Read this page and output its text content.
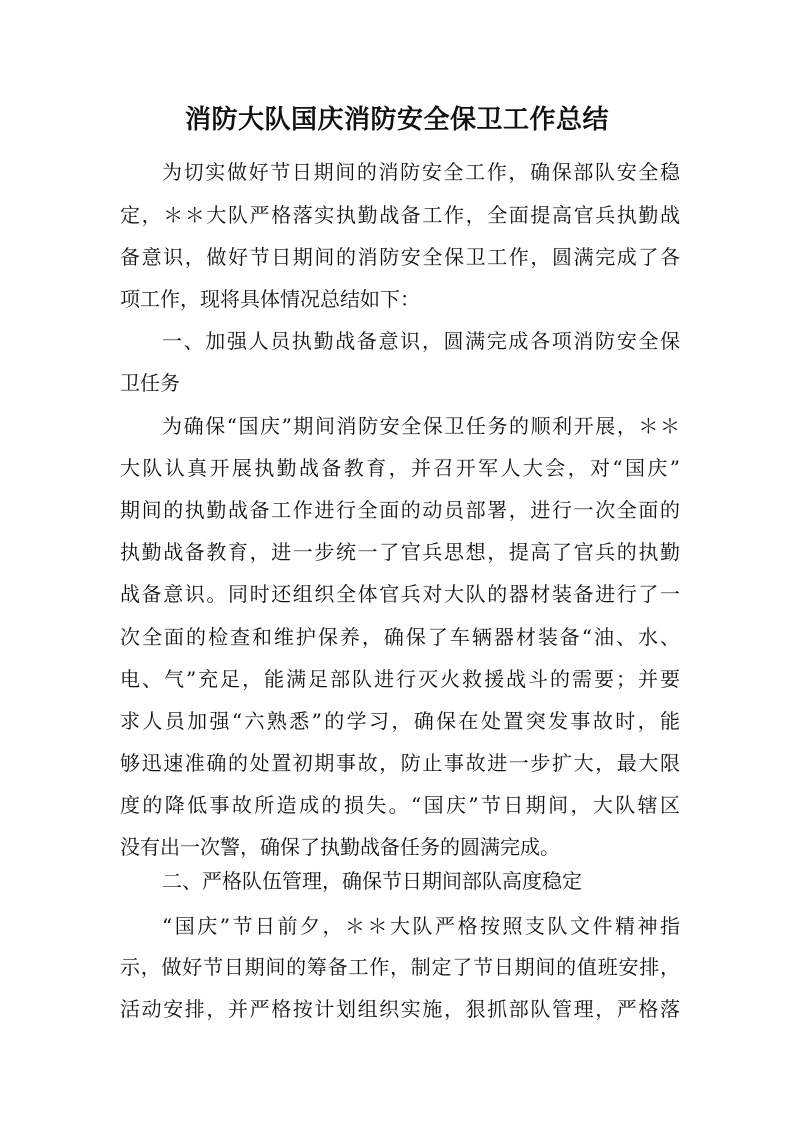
消防大队国庆消防安全保卫工作总结

为切实做好节日期间的消防安全工作，确保部队安全稳

定，＊＊大队严格落实执勤战备工作，全面提高官兵执勤战

备意识，做好节日期间的消防安全保卫工作，圆满完成了各

项工作，现将具体情况总结如下：

一、加强人员执勤战备意识，圆满完成各项消防安全保

卫任务

为确保“国庆”期间消防安全保卫任务的顺利开展，＊＊

大队认真开展执勤战备教育，并召开军人大会，对“国庆”

期间的执勤战备工作进行全面的动员部署，进行一次全面的

执勤战备教育，进一步统一了官兵思想，提高了官兵的执勤

战备意识。同时还组织全体官兵对大队的器材装备进行了一

次全面的检查和维护保养，确保了车辆器材装备“油、水、

电、气”充足，能满足部队进行灭火救援战斗的需要；并要

求人员加强“六熟悉”的学习，确保在处置突发事故时，能

够迅速准确的处置初期事故，防止事故进一步扩大，最大限

度的降低事故所造成的损失。“国庆”节日期间，大队辖区

没有出一次警，确保了执勤战备任务的圆满完成。

二、严格队伍管理，确保节日期间部队高度稳定

“国庆”节日前夕，＊＊大队严格按照支队文件精神指

示，做好节日期间的筹备工作，制定了节日期间的值班安排，

活动安排，并严格按计划组织实施，狠抓部队管理，严格落
